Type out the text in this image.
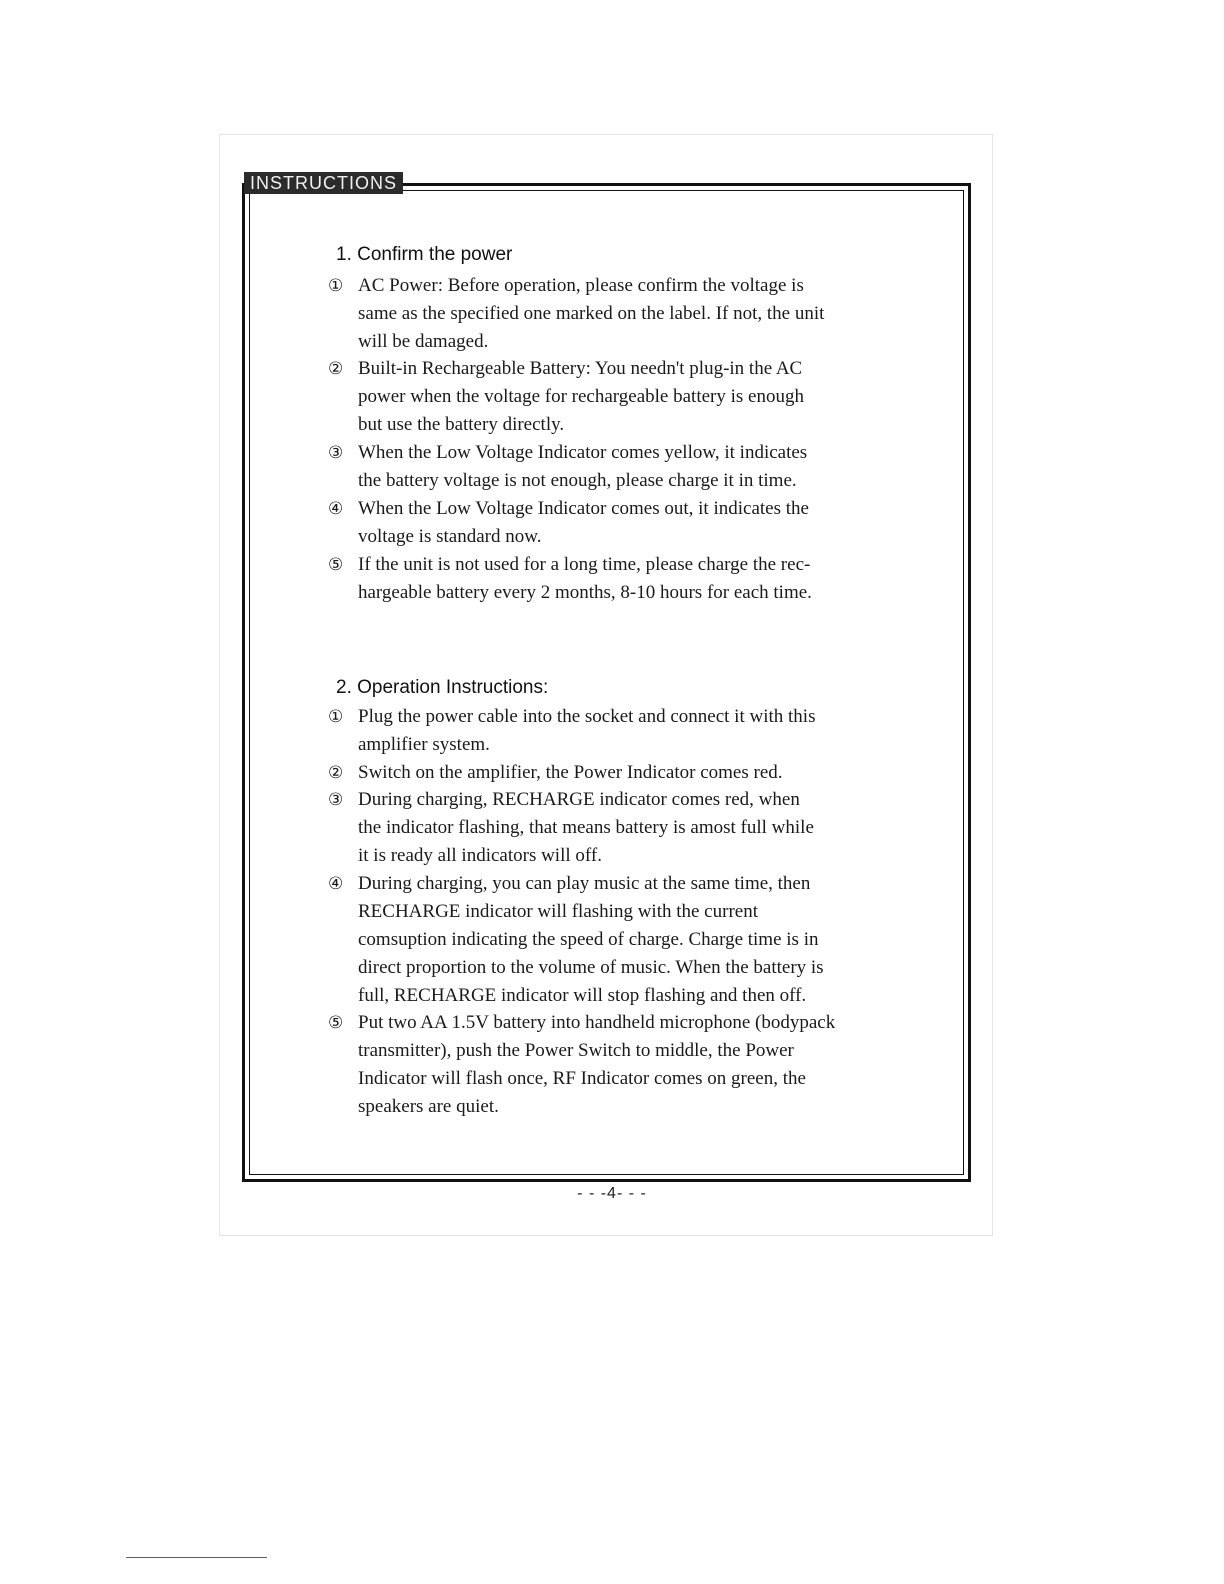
INSTRUCTIONS
1. Confirm the power
① AC Power: Before operation, please confirm the voltage is
same as the specified one marked on the label. If not, the unit
will be damaged.
② Built-in Rechargeable Battery: You needn't plug-in the AC
power when the voltage for rechargeable battery is enough
but use the battery directly.
③ When the Low Voltage Indicator comes yellow, it indicates
the battery voltage is not enough, please charge it in time.
④ When the Low Voltage Indicator comes out, it indicates the
voltage is standard now.
⑤ If the unit is not used for a long time, please charge the rec-
hargeable battery every 2 months, 8-10 hours for each time.
2. Operation Instructions:
① Plug the power cable into the socket and connect it with this
amplifier system.
② Switch on the amplifier, the Power Indicator comes red.
③ During charging, RECHARGE indicator comes red, when
the indicator flashing, that means battery is amost full while
it is ready all indicators will off.
④ During charging, you can play music at the same time, then
RECHARGE indicator will flashing with the current
comsuption indicating the speed of charge. Charge time is in
direct proportion to the volume of music. When the battery is
full, RECHARGE indicator will stop flashing and then off.
⑤ Put two AA 1.5V battery into handheld microphone (bodypack
transmitter), push the Power Switch to middle, the Power
Indicator will flash once, RF Indicator comes on green, the
speakers are quiet.
- - -4- - -
